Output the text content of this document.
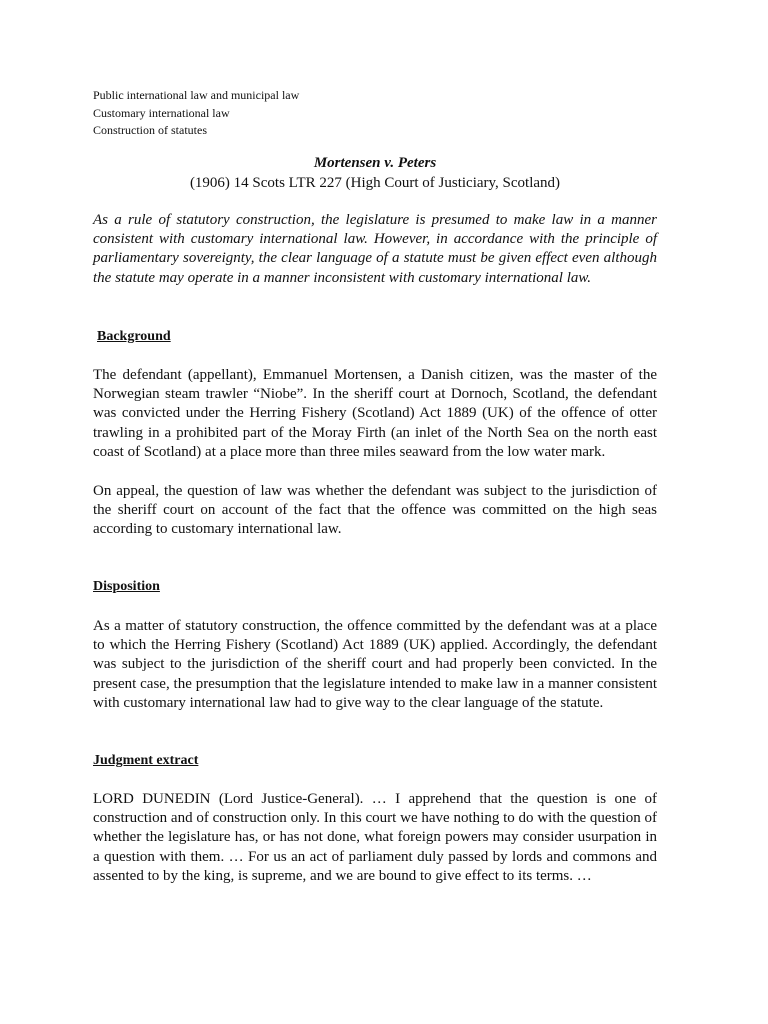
Public international law and municipal law
Customary international law
Construction of statutes
Mortensen v. Peters
(1906) 14 Scots LTR 227 (High Court of Justiciary, Scotland)

As a rule of statutory construction, the legislature is presumed to make law in a manner consistent with customary international law. However, in accordance with the principle of parliamentary sovereignty, the clear language of a statute must be given effect even although the statute may operate in a manner inconsistent with customary international law.

Background

The defendant (appellant), Emmanuel Mortensen, a Danish citizen, was the master of the Norwegian steam trawler “Niobe”. In the sheriff court at Dornoch, Scotland, the defendant was convicted under the Herring Fishery (Scotland) Act 1889 (UK) of the offence of otter trawling in a prohibited part of the Moray Firth (an inlet of the North Sea on the north east coast of Scotland) at a place more than three miles seaward from the low water mark.

On appeal, the question of law was whether the defendant was subject to the jurisdiction of the sheriff court on account of the fact that the offence was committed on the high seas according to customary international law.

Disposition

As a matter of statutory construction, the offence committed by the defendant was at a place to which the Herring Fishery (Scotland) Act 1889 (UK) applied. Accordingly, the defendant was subject to the jurisdiction of the sheriff court and had properly been convicted. In the present case, the presumption that the legislature intended to make law in a manner consistent with customary international law had to give way to the clear language of the statute.

Judgment extract

LORD DUNEDIN (Lord Justice-General). … I apprehend that the question is one of construction and of construction only. In this court we have nothing to do with the question of whether the legislature has, or has not done, what foreign powers may consider usurpation in a question with them. … For us an act of parliament duly passed by lords and commons and assented to by the king, is supreme, and we are bound to give effect to its terms. …
